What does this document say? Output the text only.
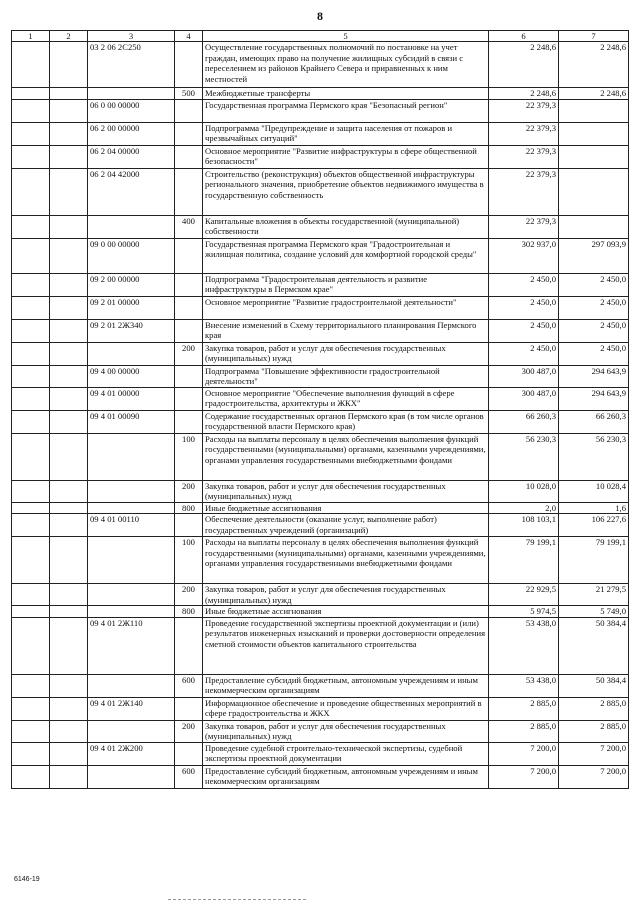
8
1	2	3	4	5	6	7
		03 2 06 2С250		Осуществление государственных полномочий по постановке на учет граждан, имеющих право на получение жилищных субсидий в связи с переселением из районов Крайнего Севера и приравненных к ним местностей	2 248,6	2 248,6
			500	Межбюджетные трансферты	2 248,6	2 248,6
		06 0 00 00000		Государственная программа Пермского края "Безопасный регион"	22 379,3	
		06 2 00 00000		Подпрограмма "Предупреждение и защита населения от пожаров и чрезвычайных ситуаций"	22 379,3	
		06 2 04 00000		Основное мероприятие "Развитие инфраструктуры в сфере общественной безопасности"	22 379,3	
		06 2 04 42000		Строительство (реконструкция) объектов общественной инфраструктуры регионального значения, приобретение объектов недвижимого имущества в государственную собственность	22 379,3	
			400	Капитальные вложения в объекты государственной (муниципальной) собственности	22 379,3	
		09 0 00 00000		Государственная программа Пермского края "Градостроительная и жилищная политика, создание условий для комфортной городской среды"	302 937,0	297 093,9
		09 2 00 00000		Подпрограмма "Градостроительная деятельность и развитие инфраструктуры в Пермском крае"	2 450,0	2 450,0
		09 2 01 00000		Основное мероприятие "Развитие градостроительной деятельности"	2 450,0	2 450,0
		09 2 01 2Ж340		Внесение изменений в Схему территориального планирования Пермского края	2 450,0	2 450,0
			200	Закупка товаров, работ и услуг для обеспечения государственных (муниципальных) нужд	2 450,0	2 450,0
		09 4 00 00000		Подпрограмма "Повышение эффективности градостроительной деятельности"	300 487,0	294 643,9
		09 4 01 00000		Основное мероприятие "Обеспечение выполнения функций в сфере градостроительства, архитектуры и ЖКХ"	300 487,0	294 643,9
		09 4 01 00090		Содержание государственных органов Пермского края (в том числе органов государственной власти Пермского края)	66 260,3	66 260,3
			100	Расходы на выплаты персоналу в целях обеспечения выполнения функций государственными (муниципальными) органами, казенными учреждениями, органами управления государственными внебюджетными фондами	56 230,3	56 230,3
			200	Закупка товаров, работ и услуг для обеспечения государственных (муниципальных) нужд	10 028,0	10 028,4
			800	Иные бюджетные ассигнования	2,0	1,6
		09 4 01 00110		Обеспечение деятельности (оказание услуг, выполнение работ) государственных учреждений (организаций)	108 103,1	106 227,6
			100	Расходы на выплаты персоналу в целях обеспечения выполнения функций государственными (муниципальными) органами, казенными учреждениями, органами управления государственными внебюджетными фондами	79 199,1	79 199,1
			200	Закупка товаров, работ и услуг для обеспечения государственных (муниципальных) нужд	22 929,5	21 279,5
			800	Иные бюджетные ассигнования	5 974,5	5 749,0
		09 4 01 2Ж110		Проведение государственной экспертизы проектной документации и (или) результатов инженерных изысканий и проверки достоверности определения сметной стоимости объектов капитального строительства	53 438,0	50 384,4
			600	Предоставление субсидий бюджетным, автономным учреждениям и иным некоммерческим организациям	53 438,0	50 384,4
		09 4 01 2Ж140		Информационное обеспечение и проведение общественных мероприятий в сфере градостроительства и ЖКХ	2 885,0	2 885,0
			200	Закупка товаров, работ и услуг для обеспечения государственных (муниципальных) нужд	2 885,0	2 885,0
		09 4 01 2Ж200		Проведение судебной строительно-технической экспертизы, судебной экспертизы проектной документации	7 200,0	7 200,0
			600	Предоставление субсидий бюджетным, автономным учреждениям и иным некоммерческим организациям	7 200,0	7 200,0
6146-19
